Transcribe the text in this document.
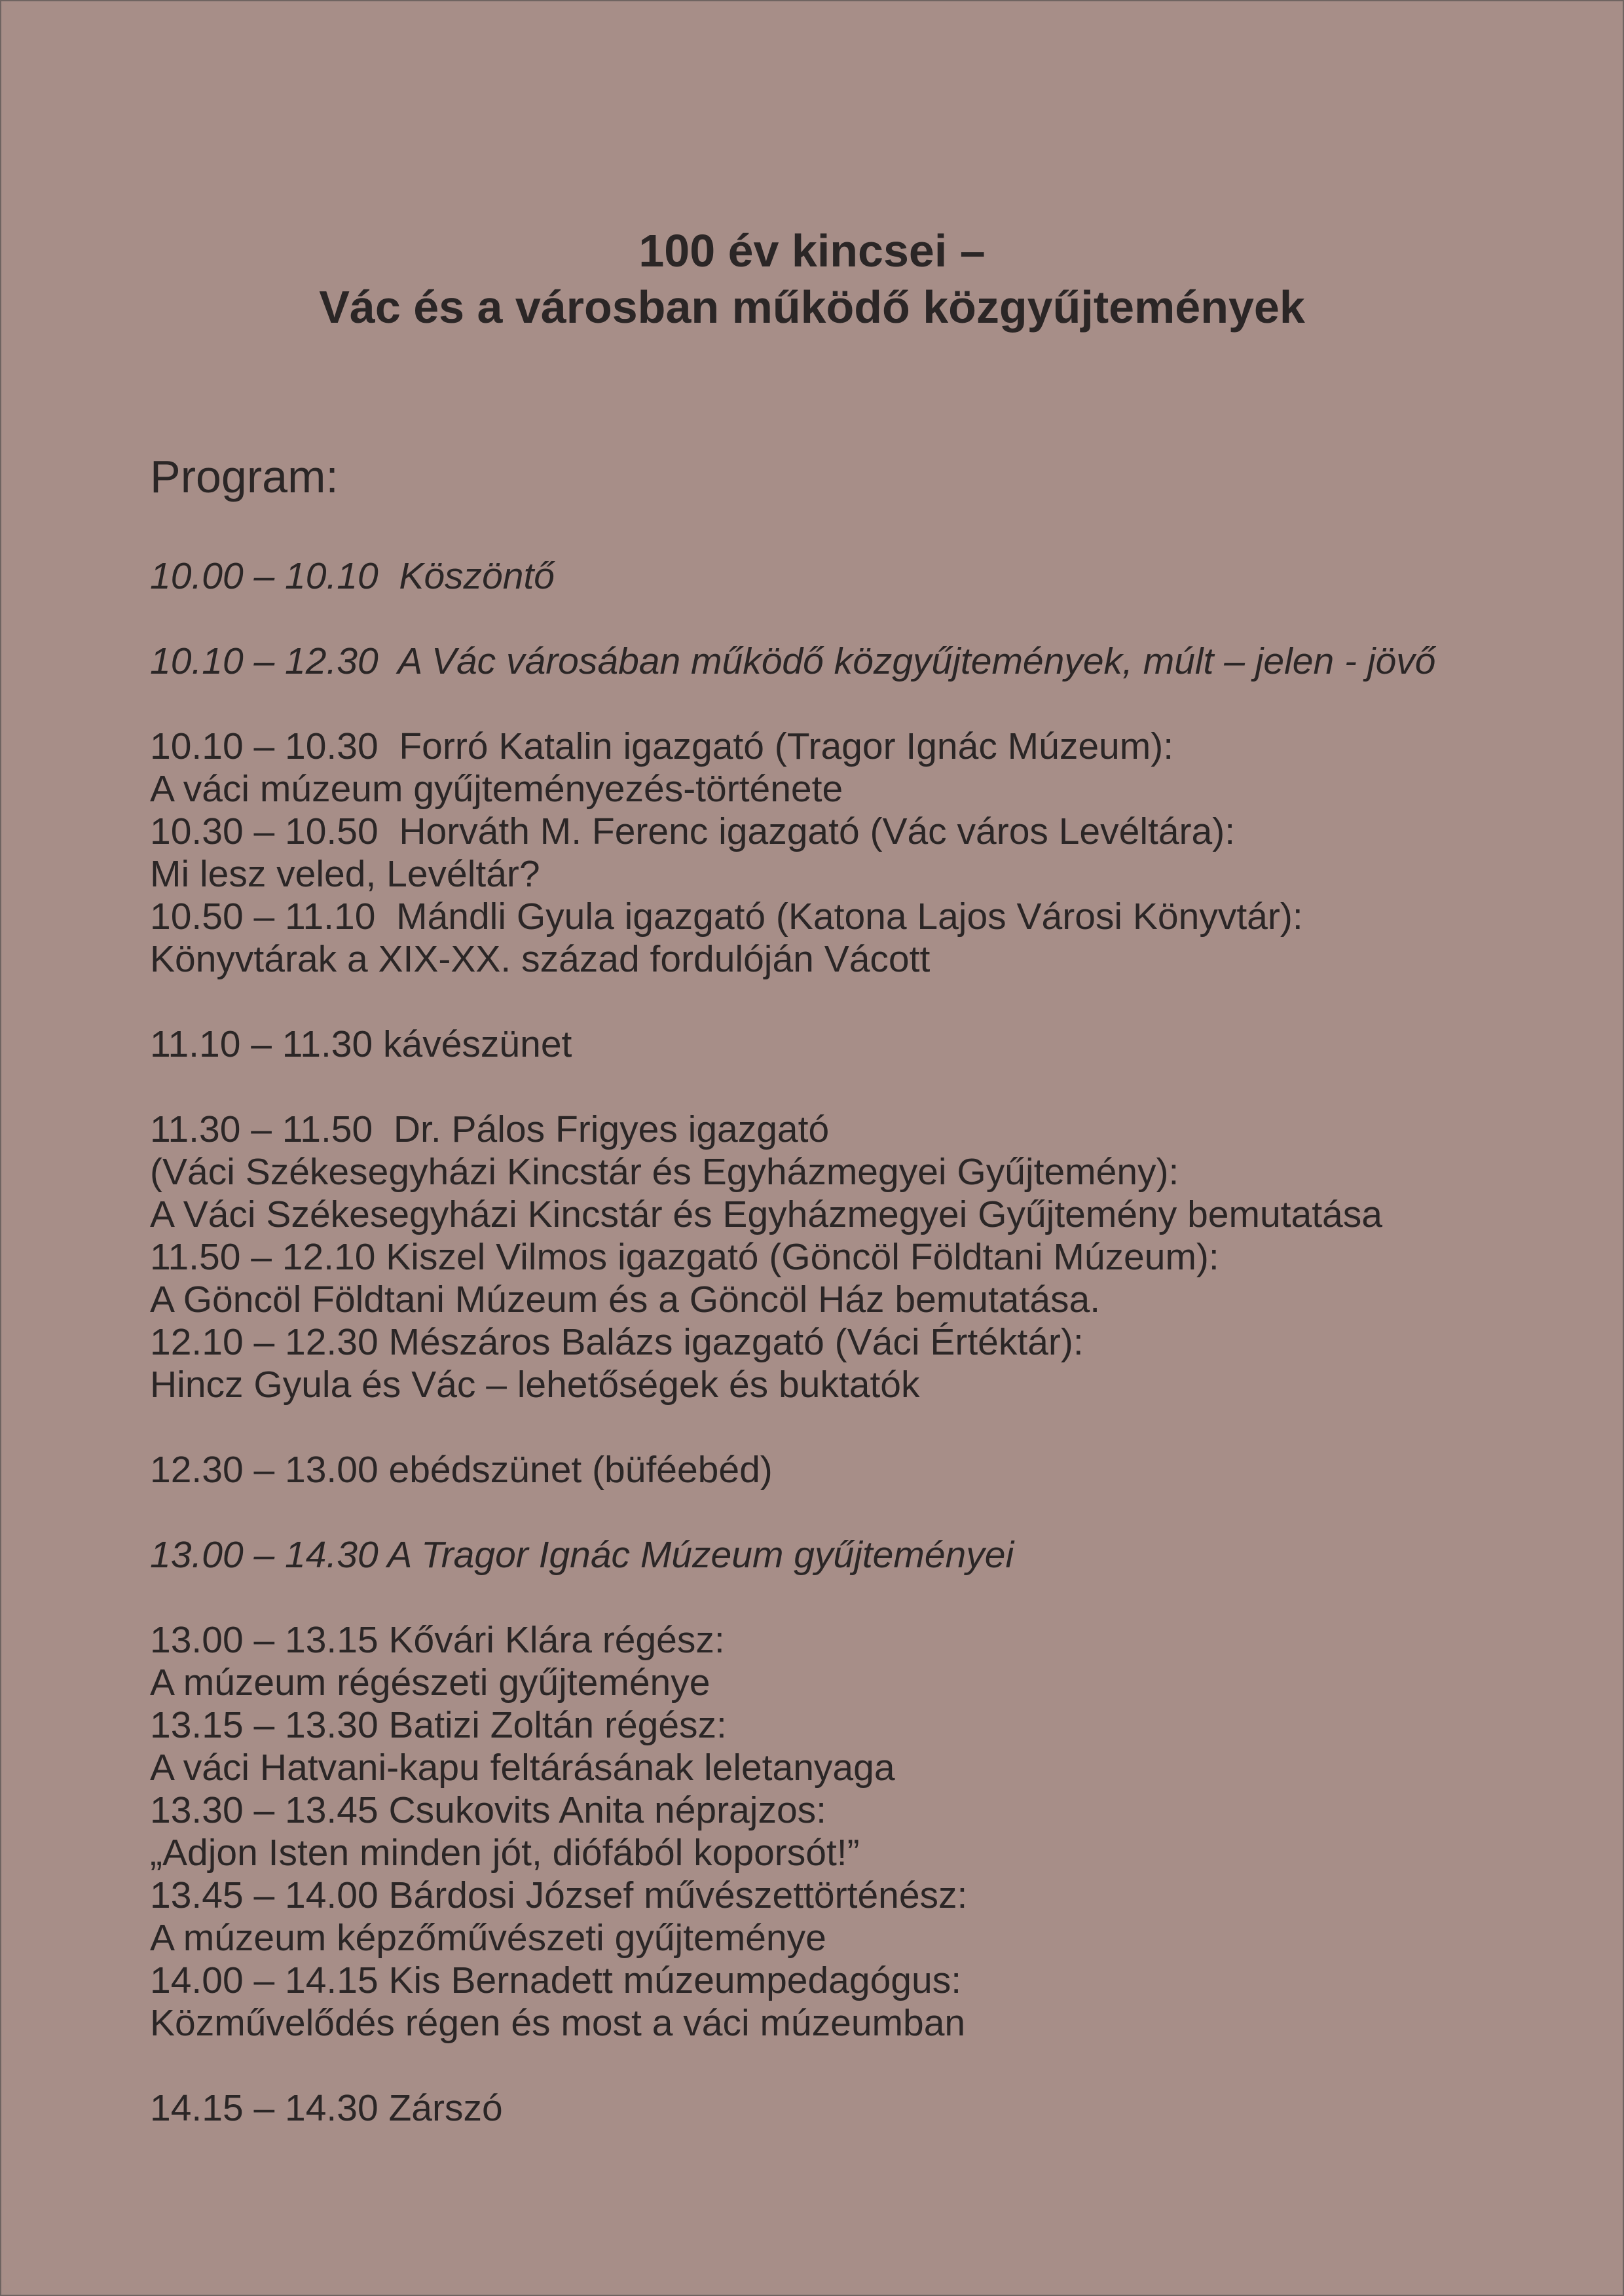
100 év kincsei –
Vác és a városban működő közgyűjtemények
Program:
10.00 – 10.10  Köszöntő
10.10 – 12.30  A Vác városában működő közgyűjtemények, múlt – jelen - jövő
10.10 – 10.30  Forró Katalin igazgató (Tragor Ignác Múzeum):
A váci múzeum gyűjteményezés-története
10.30 – 10.50  Horváth M. Ferenc igazgató (Vác város Levéltára):
Mi lesz veled, Levéltár?
10.50 – 11.10  Mándli Gyula igazgató (Katona Lajos Városi Könyvtár):
Könyvtárak a XIX-XX. század fordulóján Vácott
11.10 – 11.30 kávészünet
11.30 – 11.50  Dr. Pálos Frigyes igazgató
(Váci Székesegyházi Kincstár és Egyházmegyei Gyűjtemény):
A Váci Székesegyházi Kincstár és Egyházmegyei Gyűjtemény bemutatása
11.50 – 12.10 Kiszel Vilmos igazgató (Göncöl Földtani Múzeum):
A Göncöl Földtani Múzeum és a Göncöl Ház bemutatása.
12.10 – 12.30 Mészáros Balázs igazgató (Váci Értéktár):
Hincz Gyula és Vác – lehetőségek és buktatók
12.30 – 13.00 ebédszünet (büféebéd)
13.00 – 14.30 A Tragor Ignác Múzeum gyűjteményei
13.00 – 13.15 Kővári Klára régész:
A múzeum régészeti gyűjteménye
13.15 – 13.30 Batizi Zoltán régész:
A váci Hatvani-kapu feltárásának leletanyaga
13.30 – 13.45 Csukovits Anita néprajzos:
„Adjon Isten minden jót, diófából koporsót!”
13.45 – 14.00 Bárdosi József művészettörténész:
A múzeum képzőművészeti gyűjteménye
14.00 – 14.15 Kis Bernadett múzeumpedagógus:
Közművelődés régen és most a váci múzeumban
14.15 – 14.30 Zárszó
